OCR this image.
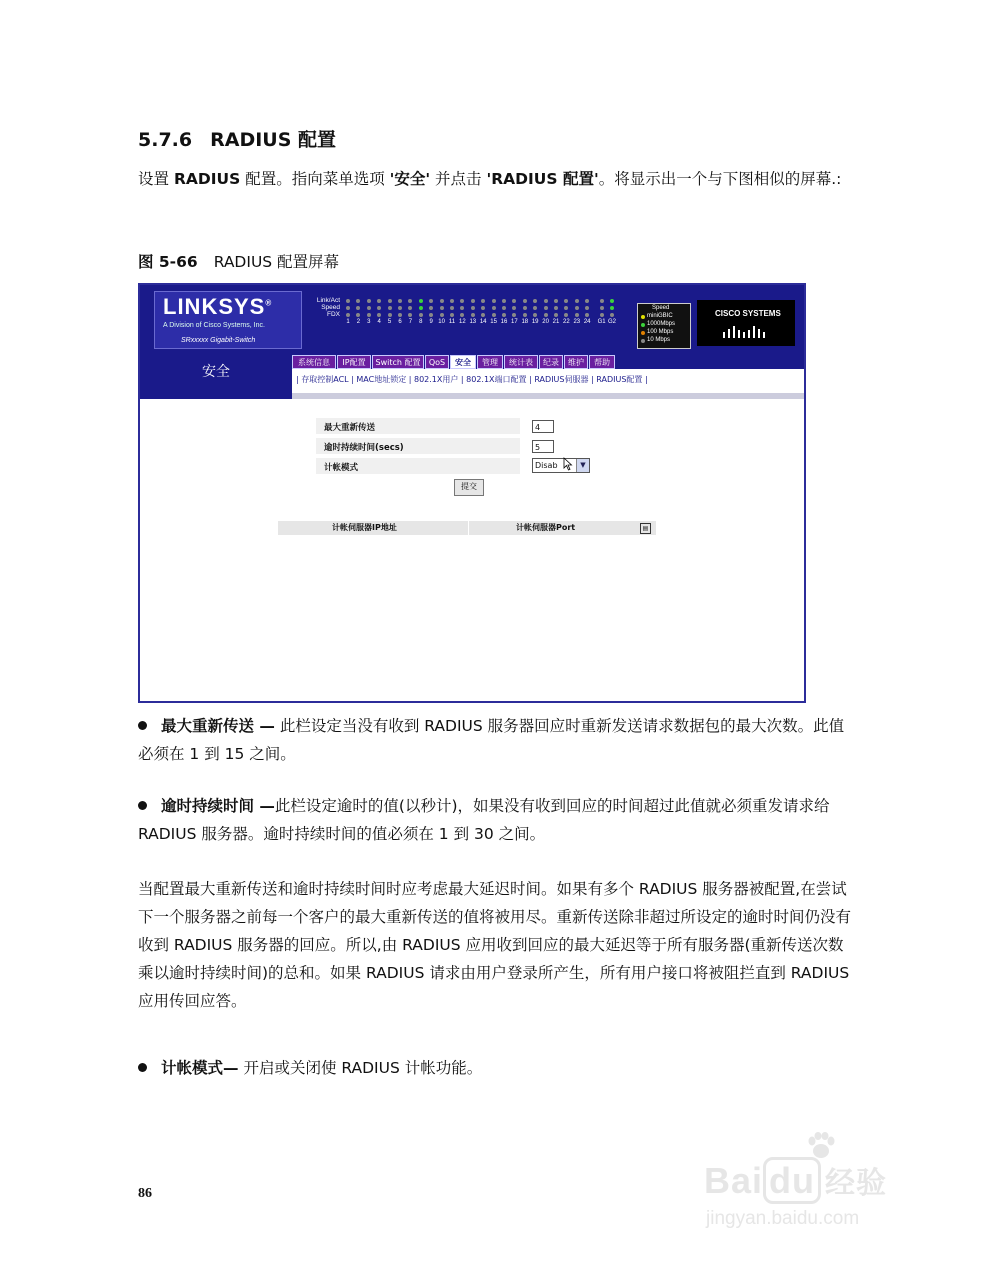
5.7.6 RADIUS 配置
设置 RADIUS 配置。指向菜单选项 '安全' 并点击 'RADIUS 配置'。将显示出一个与下图相似的屏幕.:
图 5-66 RADIUS 配置屏幕
LINKSYS®
A Division of Cisco Systems, Inc.
SRxxxxx Gigabit-Switch
Link/Act
Speed
FDX
1	2	3	4	5	6	7	8	9 10 11 12 13 14 15 16 17 18 19 20 21 22 23 24 G1 G2
Speed
miniGBIC
1000Mbps
100 Mbps
10 Mbps
CISCO SYSTEMS
安全
系统信息	IP配置	Switch 配置	QoS	安全	管理	统计表	纪录	维护	帮助
| 存取控制ACL | MAC地址锁定 | 802.1X用户 | 802.1X端口配置 | RADIUS伺服器 | RADIUS配置 |
最大重新传送	4
逾时持续时间(secs)	5
计帐模式	Disab	▼
提交
计帐伺服器IP地址	计帐伺服器Port	▤
最大重新传送 — 此栏设定当没有收到 RADIUS 服务器回应时重新发送请求数据包的最大次数。此值必须在 1 到 15 之间。
逾时持续时间 —此栏设定逾时的值(以秒计)，如果没有收到回应的时间超过此值就必须重发请求给 RADIUS 服务器。逾时持续时间的值必须在 1 到 30 之间。
当配置最大重新传送和逾时持续时间时应考虑最大延迟时间。如果有多个 RADIUS 服务器被配置,在尝试下一个服务器之前每一个客户的最大重新传送的值将被用尽。重新传送除非超过所设定的逾时时间仍没有收到 RADIUS 服务器的回应。所以,由 RADIUS 应用收到回应的最大延迟等于所有服务器(重新传送次数乘以逾时持续时间)的总和。如果 RADIUS 请求由用户登录所产生，所有用户接口将被阻拦直到 RADIUS 应用传回应答。
计帐模式— 开启或关闭使 RADIUS 计帐功能。
86	Bai du 经验
jingyan.baidu.com
